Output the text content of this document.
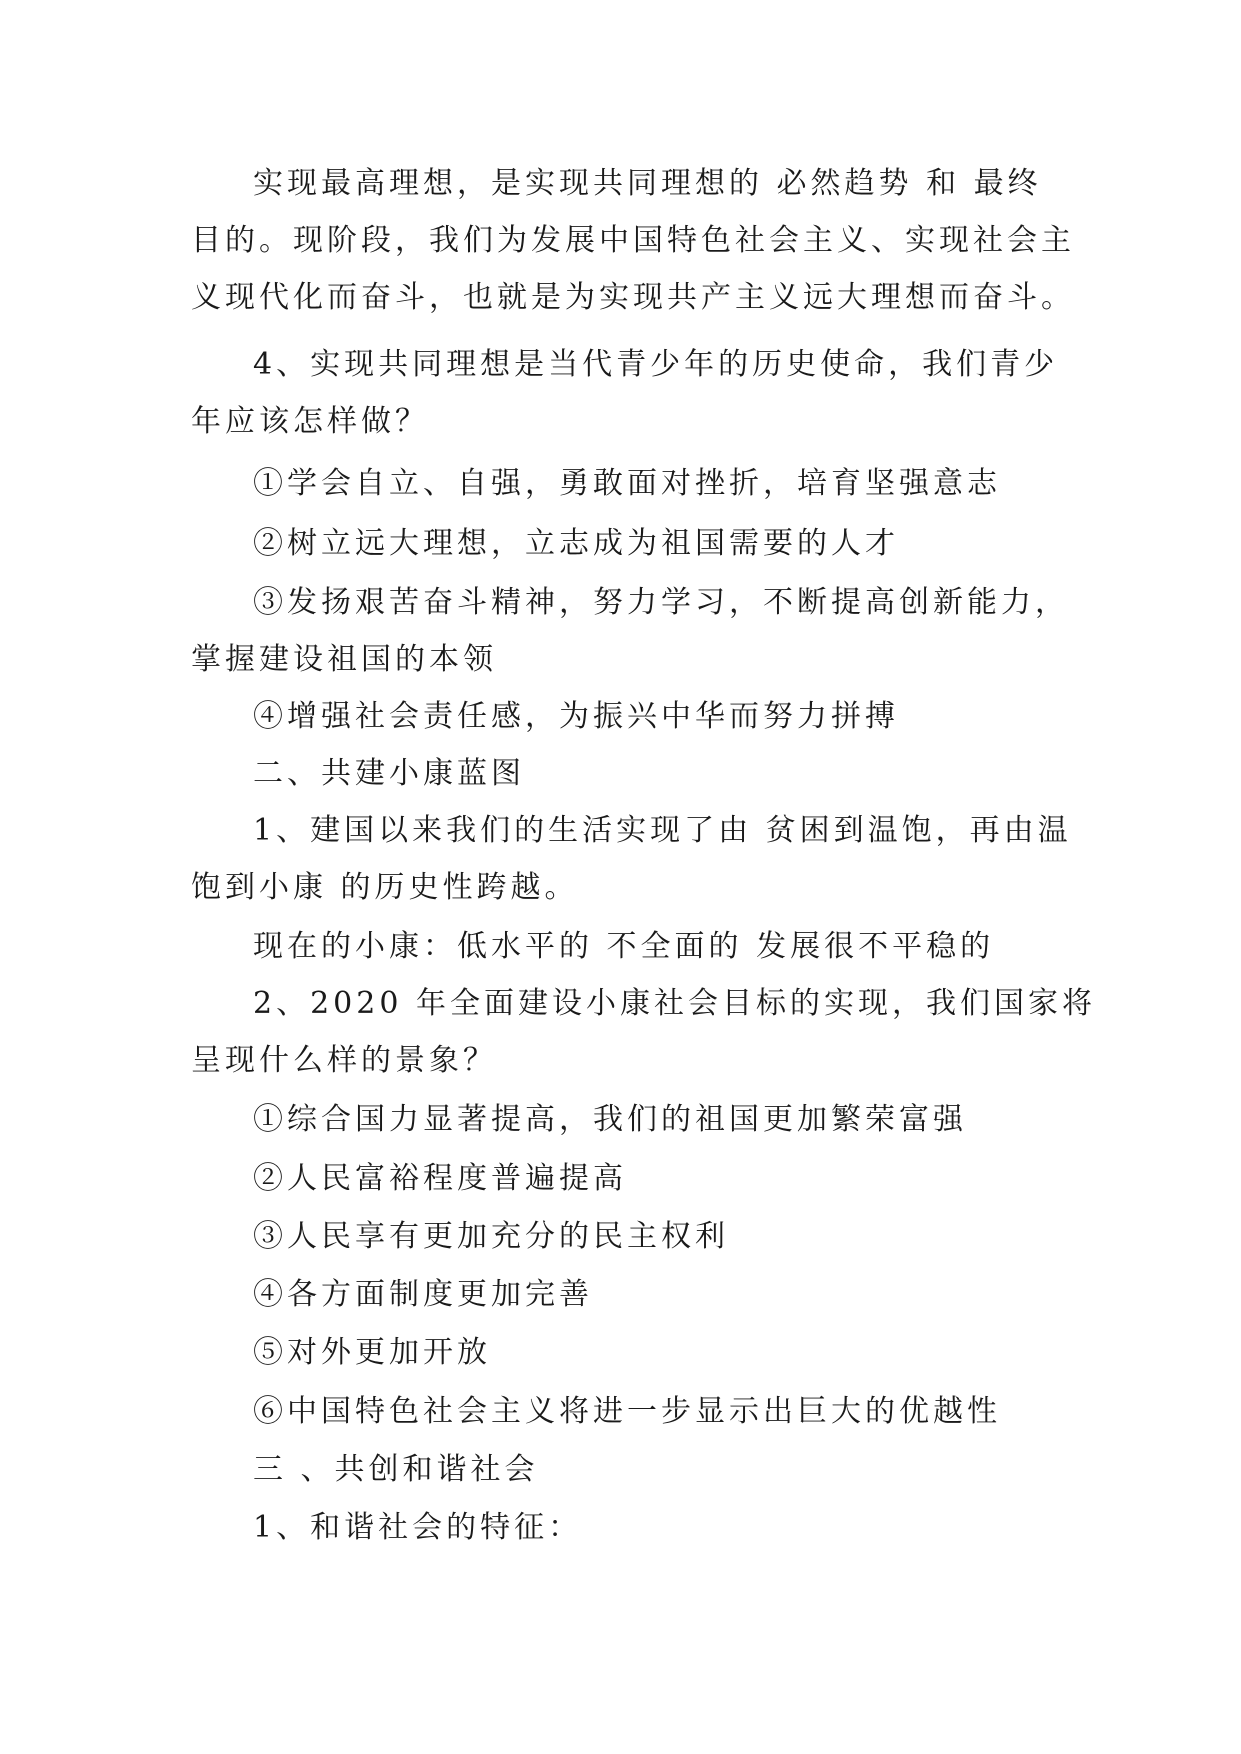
实现最高理想，是实现共同理想的 必然趋势 和 最终
目的。现阶段，我们为发展中国特色社会主义、实现社会主
义现代化而奋斗，也就是为实现共产主义远大理想而奋斗。
4、实现共同理想是当代青少年的历史使命，我们青少
年应该怎样做？
①学会自立、自强，勇敢面对挫折，培育坚强意志
②树立远大理想，立志成为祖国需要的人才
③发扬艰苦奋斗精神，努力学习，不断提高创新能力，
掌握建设祖国的本领
④增强社会责任感，为振兴中华而努力拼搏
二、共建小康蓝图
1、建国以来我们的生活实现了由 贫困到温饱，再由温
饱到小康 的历史性跨越。
现在的小康：低水平的 不全面的 发展很不平稳的
2、2020 年全面建设小康社会目标的实现，我们国家将
呈现什么样的景象？
①综合国力显著提高，我们的祖国更加繁荣富强
②人民富裕程度普遍提高
③人民享有更加充分的民主权利
④各方面制度更加完善
⑤对外更加开放
⑥中国特色社会主义将进一步显示出巨大的优越性
三 、共创和谐社会
1、和谐社会的特征：
